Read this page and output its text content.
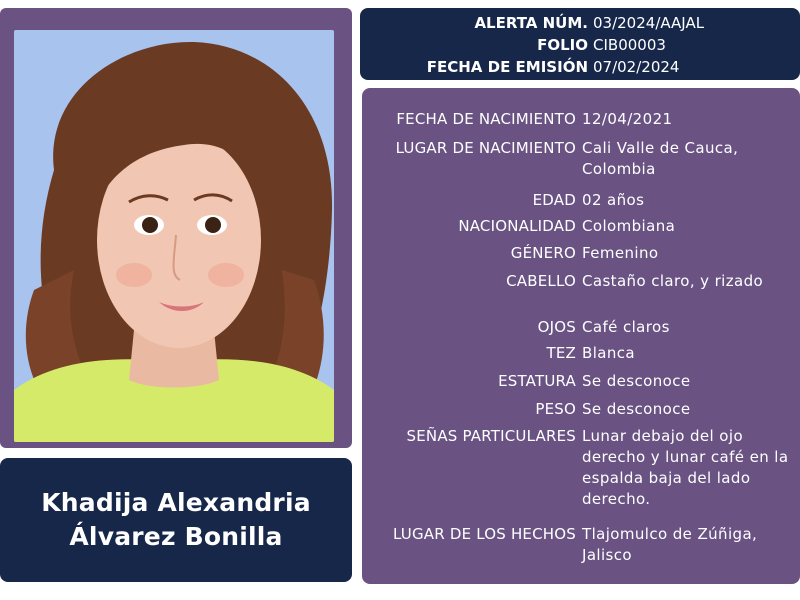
Khadija Alexandria
Álvarez Bonilla
ALERTA NÚM. 03/2024/AAJAL
FOLIO CIB00003
FECHA DE EMISIÓN 07/02/2024
FECHA DE NACIMIENTO 12/04/2021
LUGAR DE NACIMIENTO Cali Valle de Cauca, Colombia
EDAD 02 años
NACIONALIDAD Colombiana
GÉNERO Femenino
CABELLO Castaño claro, y rizado
OJOS Café claros
TEZ Blanca
ESTATURA Se desconoce
PESO Se desconoce
SEÑAS PARTICULARES Lunar debajo del ojo derecho y lunar café en la espalda baja del lado derecho.
LUGAR DE LOS HECHOS Tlajomulco de Zúñiga, Jalisco
